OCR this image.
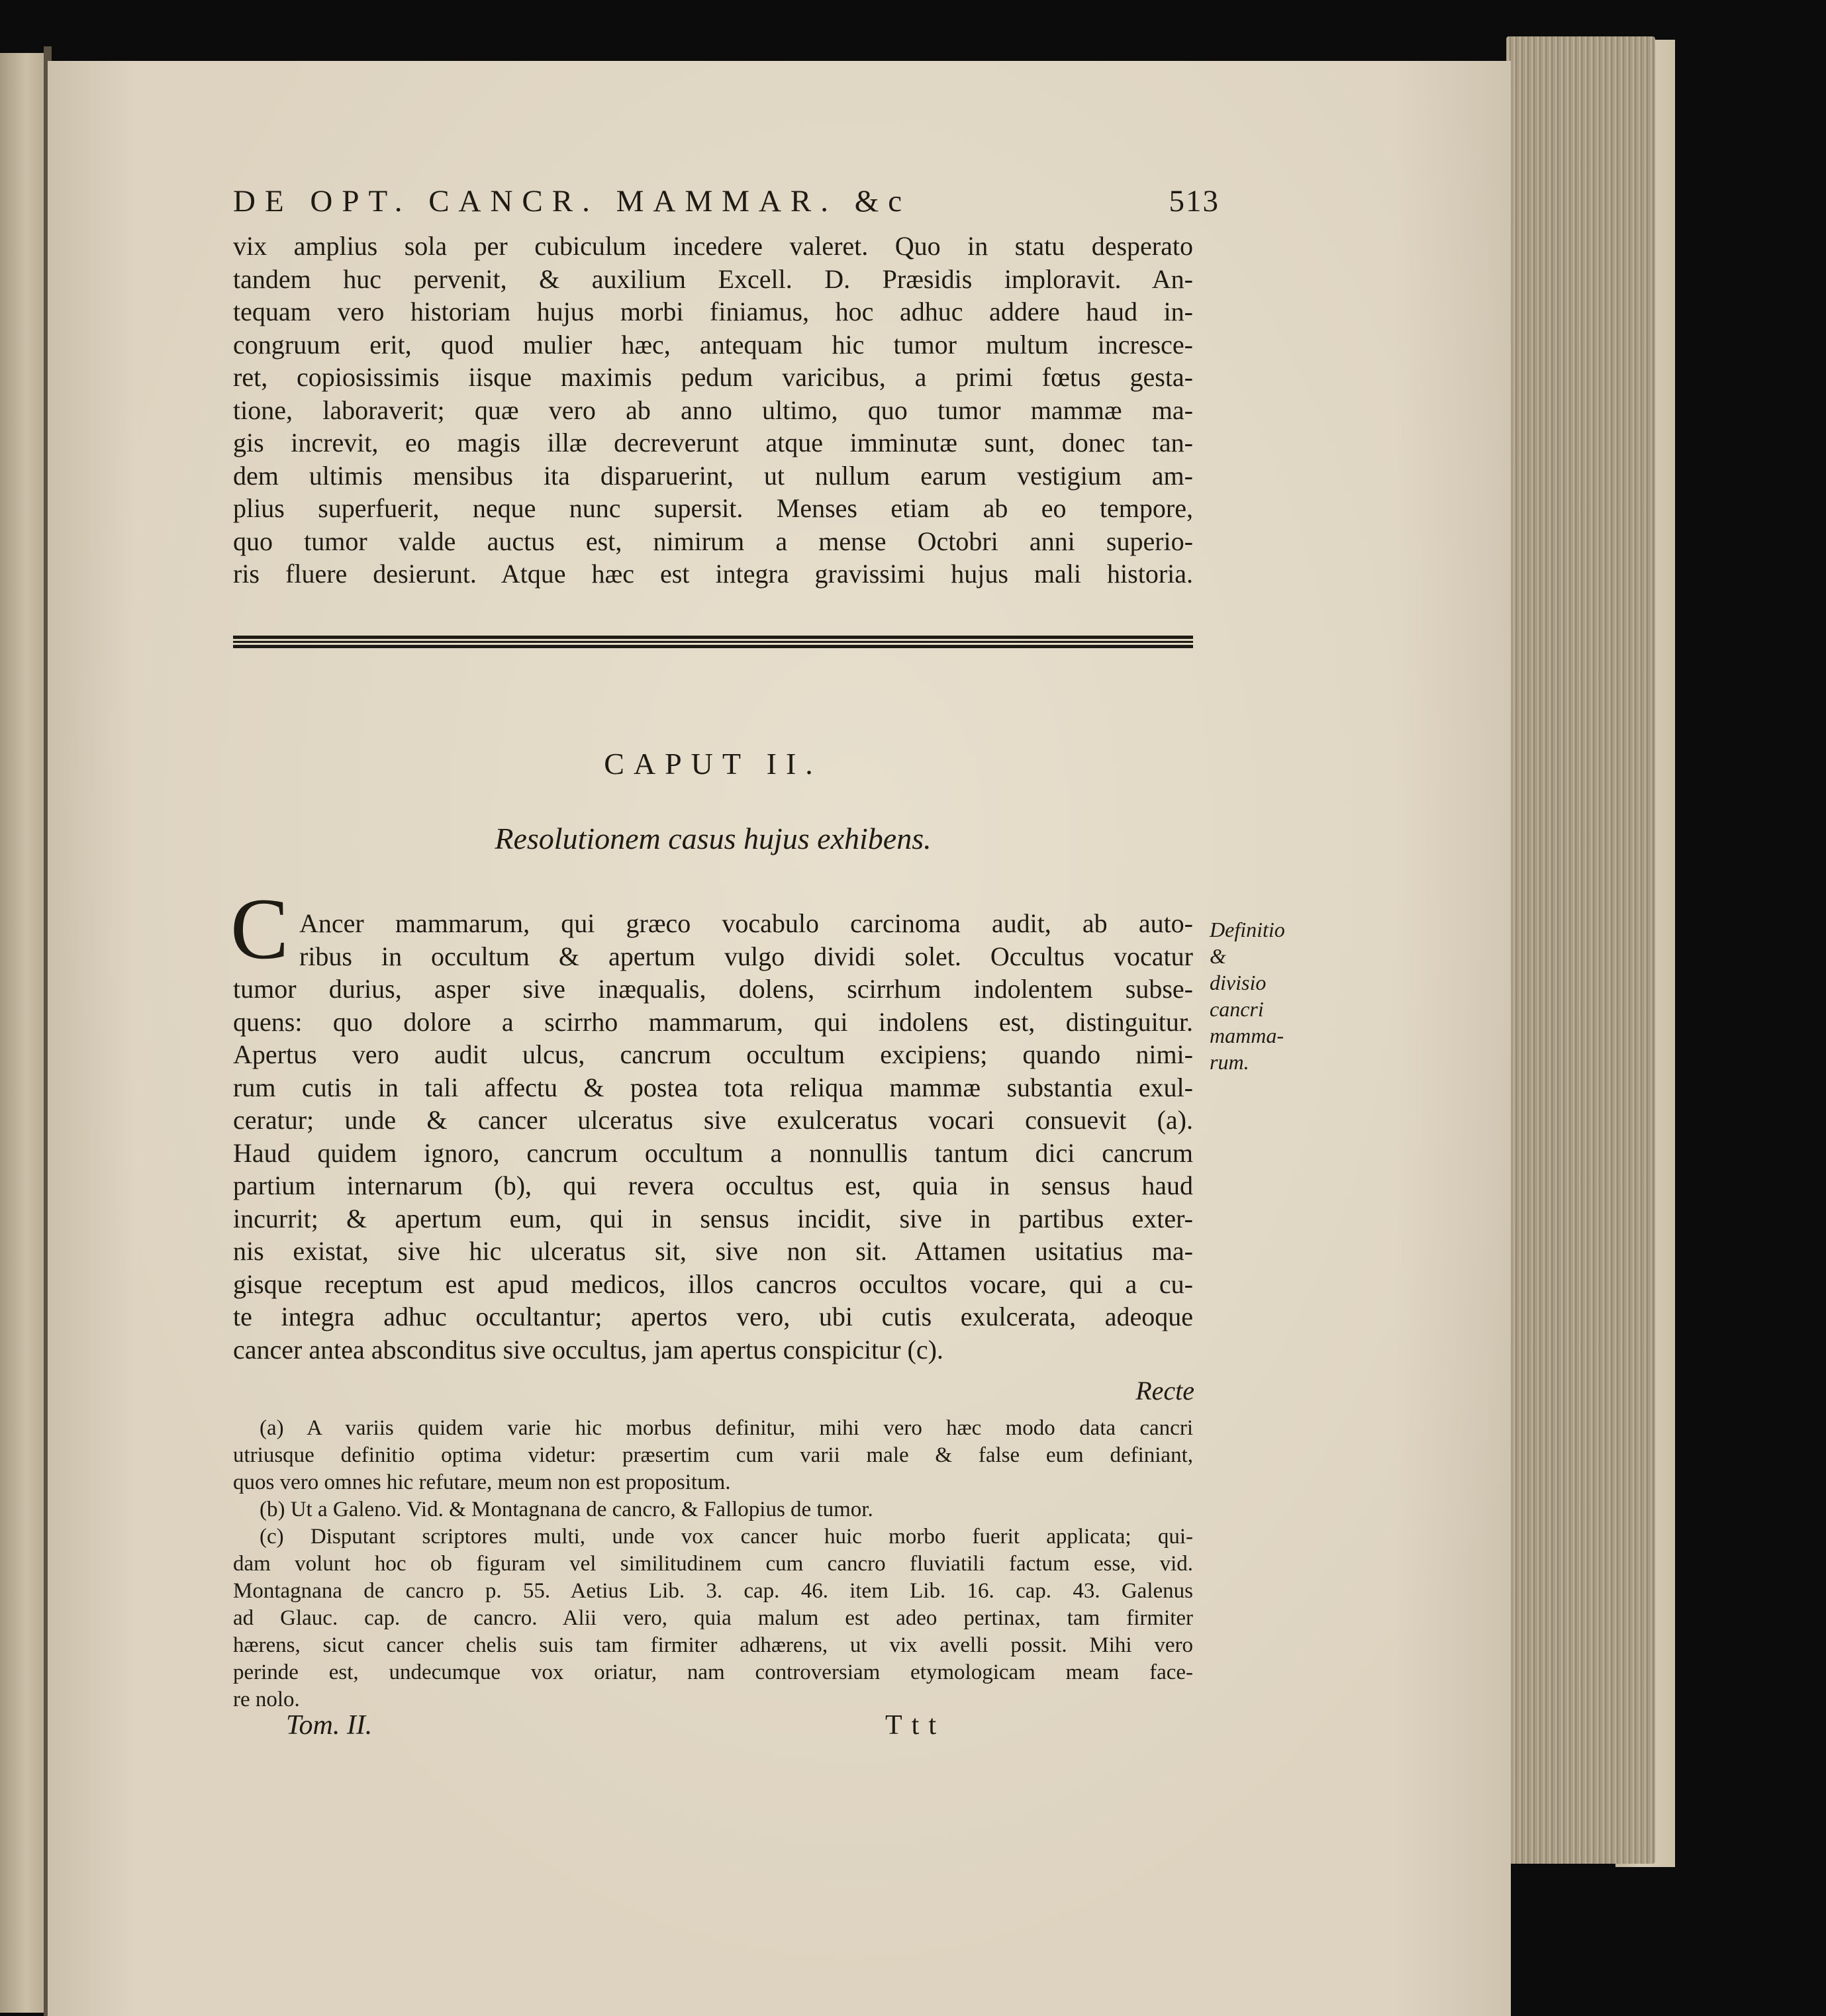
DE OPT. CANCR. MAMMAR. &c	513
vix amplius sola per cubiculum incedere valeret. Quo in statu desperato
tandem huc pervenit, & auxilium Excell. D. Præsidis imploravit. An-
tequam vero historiam hujus morbi finiamus, hoc adhuc addere haud in-
congruum erit, quod mulier hæc, antequam hic tumor multum increscе-
ret, copiosissimis iisque maximis pedum varicibus, a primi fœtus gesta-
tione, laboraverit; quæ vero ab anno ultimo, quo tumor mammæ ma-
gis increvit, eo magis illæ decreverunt atque imminutæ sunt, donec tan-
dem ultimis mensibus ita disparuerint, ut nullum earum vestigium am-
plius superfuerit, neque nunc supersit. Menses etiam ab eo tempore,
quo tumor valde auctus est, nimirum a mense Octobri anni superio-
ris fluere desierunt. Atque hæc est integra gravissimi hujus mali historia.
CAPUT II.
Resolutionem casus hujus exhibens.
C Ancer mammarum, qui græco vocabulo carcinoma audit, ab auto-
ribus in occultum & apertum vulgo dividi solet. Occultus vocatur
tumor durius, asper sive inæqualis, dolens, scirrhum indolentem subse-
quens: quo dolore a scirrho mammarum, qui indolens est, distinguitur.
Apertus vero audit ulcus, cancrum occultum excipiens; quando nimi-
rum cutis in tali affectu & postea tota reliqua mammæ substantia exul-
ceratur; unde & cancer ulceratus sive exulceratus vocari consuevit (a).
Haud quidem ignoro, cancrum occultum a nonnullis tantum dici cancrum
partium internarum (b), qui revera occultus est, quia in sensus haud
incurrit; & apertum eum, qui in sensus incidit, sive in partibus exter-
nis existat, sive hic ulceratus sit, sive non sit. Attamen usitatius ma-
gisque receptum est apud medicos, illos cancros occultos vocare, qui a cu-
te integra adhuc occultantur; apertos vero, ubi cutis exulcerata, adeoque
cancer antea absconditus sive occultus, jam apertus conspicitur (c).
Definitio
& divisio
cancri
mamma-
rum.
Recte
(a) A variis quidem varie hic morbus definitur, mihi vero hæc modo data cancri
utriusque definitio optima videtur: præsertim cum varii male & false eum definiant,
quos vero omnes hic refutare, meum non est propositum.
(b) Ut a Galeno. Vid. & Montagnana de cancro, & Fallopius de tumor.
(c) Disputant scriptores multi, unde vox cancer huic morbo fuerit applicata; qui-
dam volunt hoc ob figuram vel similitudinem cum cancro fluviatili factum esse, vid.
Montagnana de cancro p. 55. Aetius Lib. 3. cap. 46. item Lib. 16. cap. 43. Galenus
ad Glauc. cap. de cancro. Alii vero, quia malum est adeo pertinax, tam firmiter
hærens, sicut cancer chelis suis tam firmiter adhærens, ut vix avelli possit. Mihi vero
perinde est, undecumque vox oriatur, nam controversiam etymologicam meam face-
re nolo.
Tom. II.	Ttt
